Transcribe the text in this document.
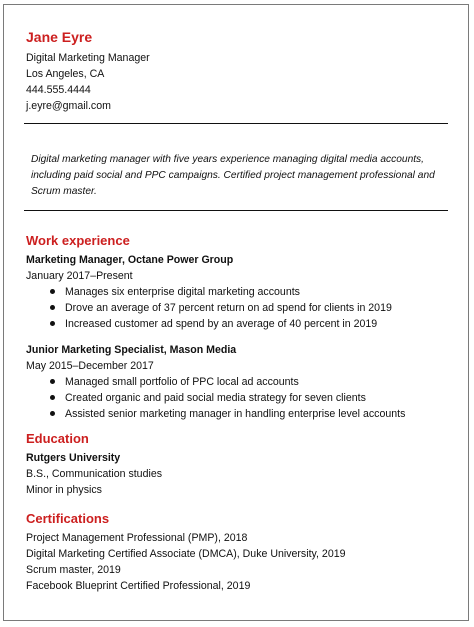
Jane Eyre
Digital Marketing Manager
Los Angeles, CA
444.555.4444
j.eyre@gmail.com
Digital marketing manager with five years experience managing digital media accounts, including paid social and PPC campaigns. Certified project management professional and Scrum master.
Work experience
Marketing Manager, Octane Power Group
January 2017–Present
Manages six enterprise digital marketing accounts
Drove an average of 37 percent return on ad spend for clients in 2019
Increased customer ad spend by an average of 40 percent in 2019
Junior Marketing Specialist, Mason Media
May 2015–December 2017
Managed small portfolio of PPC local ad accounts
Created organic and paid social media strategy for seven clients
Assisted senior marketing manager in handling enterprise level accounts
Education
Rutgers University
B.S., Communication studies
Minor in physics
Certifications
Project Management Professional (PMP), 2018
Digital Marketing Certified Associate (DMCA), Duke University, 2019
Scrum master, 2019
Facebook Blueprint Certified Professional, 2019
